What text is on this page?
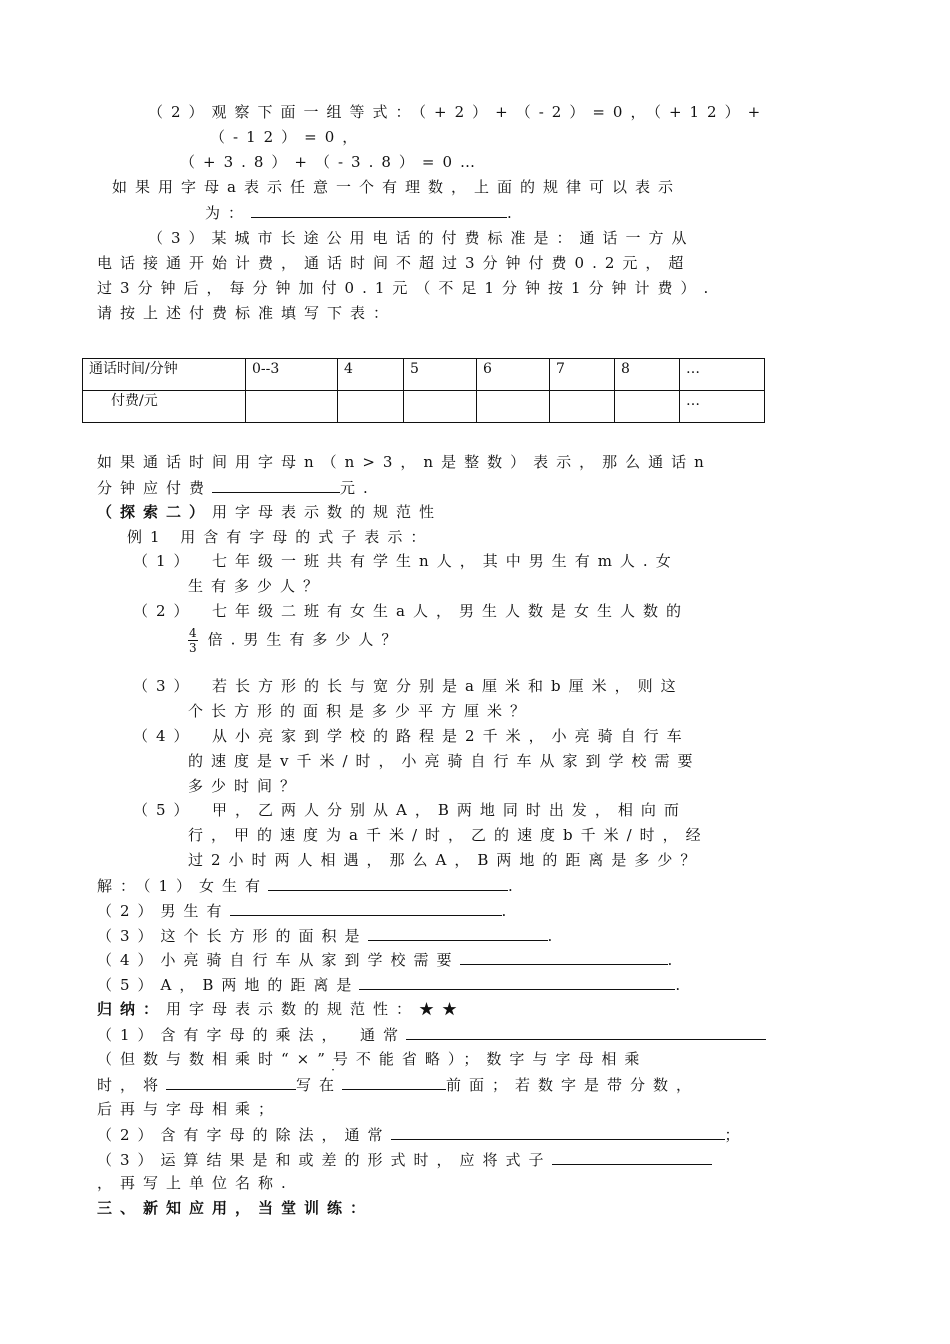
（2）观察下面一组等式：（+2）+（-2）=0，（+12）+
（-12）=0，
（+3.8）+（-3.8）=0…
如果用字母a表示任意一个有理数，上面的规律可以表示
为：	.
（3）某城市长途公用电话的付费标准是：通话一方从
电话接通开始计费，通话时间不超过3分钟付费0.2元，超
过3分钟后，每分钟加付0.1元（不足1分钟按1分钟计费）.
请按上述付费标准填写下表：
通话时间/分钟	0--3	4	5	6	7	8	…
付费/元							…
如果通话时间用字母n（n>3，n是整数）表示，那么通话n
分钟应付费	元.
（探索二）用字母表示数的规范性
例1 用含有字母的式子表示：
（1）　七年级一班共有学生n人，其中男生有m人.女
生有多少人？
（2）　七年级二班有女生a人，男生人数是女生人数的
$\frac{4}{3}$ 倍.男生有多少人？
（3）　若长方形的长与宽分别是a厘米和b厘米，则这
个长方形的面积是多少平方厘米？
（4）　从小亮家到学校的路程是2千米，小亮骑自行车
的速度是v千米/时，小亮骑自行车从家到学校需要
多少时间？
（5）　甲，乙两人分别从A，B两地同时出发，相向而
行，甲的速度为a千米/时，乙的速度b千米/时，经
过2小时两人相遇，那么A，B两地的距离是多少？
解：（1）女生有	.
（2）男生有	.
（3）这个长方形的面积是	.
（4）小亮骑自行车从家到学校需要	.
（5）A，B两地的距离是	.
归纳：用字母表示数的规范性：★★
（1）含有字母的乘法，　通常
（但数与数相乘时“×”号不能省略 ·）；数字与字母相乘
时，将	写在	前面；若数字是带分数，
后再与字母相乘；
（2）含有字母的除法，通常	；
（3）运算结果是和或差的形式时，应将式子
，再写上单位名称.
三、新知应用，当堂训练：
